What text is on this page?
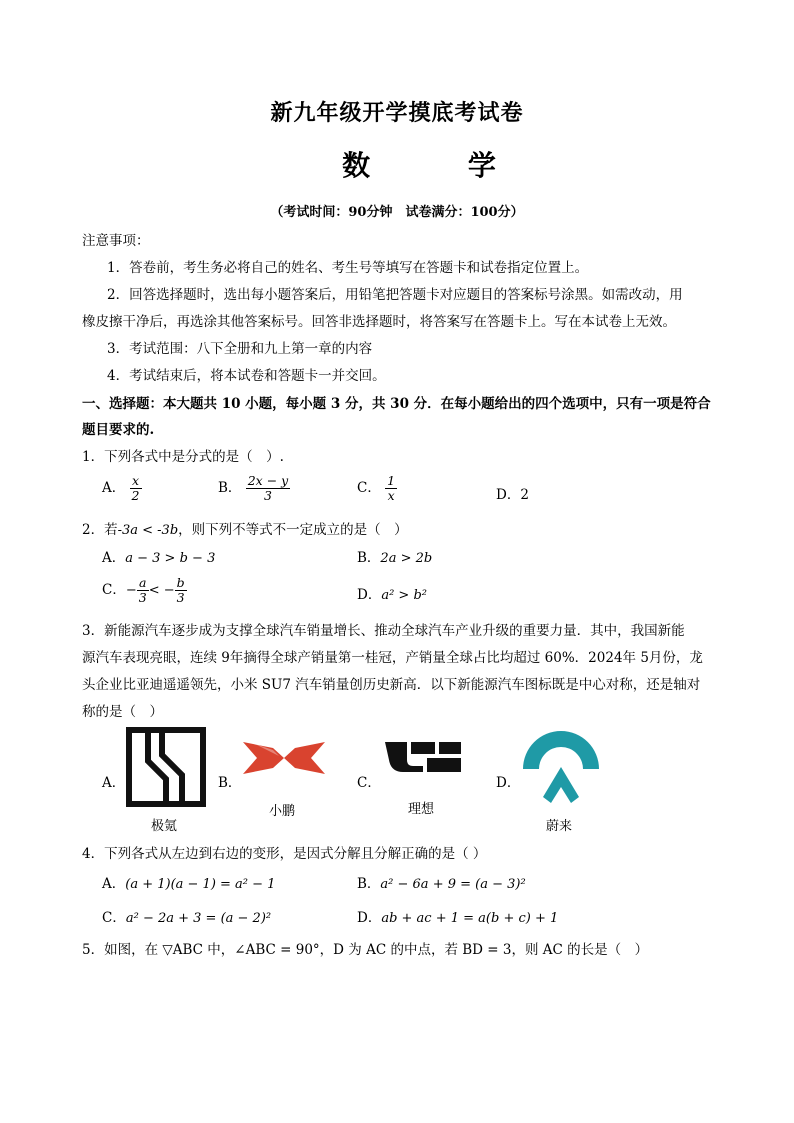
新九年级开学摸底考试卷
数 学
（考试时间：90分钟　试卷满分：100分）
注意事项：
1．答卷前，考生务必将自己的姓名、考生号等填写在答题卡和试卷指定位置上。
2．回答选择题时，选出每小题答案后，用铅笔把答题卡对应题目的答案标号涂黑。如需改动，用
橡皮擦干净后，再选涂其他答案标号。回答非选择题时，将答案写在答题卡上。写在本试卷上无效。
3．考试范围：八下全册和九上第一章的内容
4．考试结束后，将本试卷和答题卡一并交回。
一、选择题：本大题共 10 小题，每小题 3 分，共 30 分．在每小题给出的四个选项中，只有一项是符合
题目要求的.
1．下列各式中是分式的是（　）.
A． $\frac{x}{2}$	B． $\frac{2x - y}{3}$	C． $\frac{1}{x}$	D．2
2．若-3a < -3b，则下列不等式不一定成立的是（　）
A．a − 3 > b − 3	B．2a > 2b
C．− $\frac{a}{3}$ < − $\frac{b}{3}$	D．a² > b²
3．新能源汽车逐步成为支撑全球汽车销量增长、推动全球汽车产业升级的重要力量．其中，我国新能
源汽车表现亮眼，连续 9年摘得全球产销量第一桂冠，产销量全球占比均超过 60%．2024年 5月份，龙
头企业比亚迪遥遥领先，小米 SU7 汽车销量创历史新高．以下新能源汽车图标既是中心对称，还是轴对
称的是（　）
A．
极氪
B．
小鹏
C．
理想
D．
蔚来
4．下列各式从左边到右边的变形，是因式分解且分解正确的是（ ）
A．(a + 1)(a − 1) = a² − 1	B．a² − 6a + 9 = (a − 3)²
C．a² − 2a + 3 = (a − 2)²	D．ab + ac + 1 = a(b + c) + 1
5．如图，在 ▽ABC 中，∠ABC = 90°，D 为 AC 的中点，若 BD = 3，则 AC 的长是（　）
